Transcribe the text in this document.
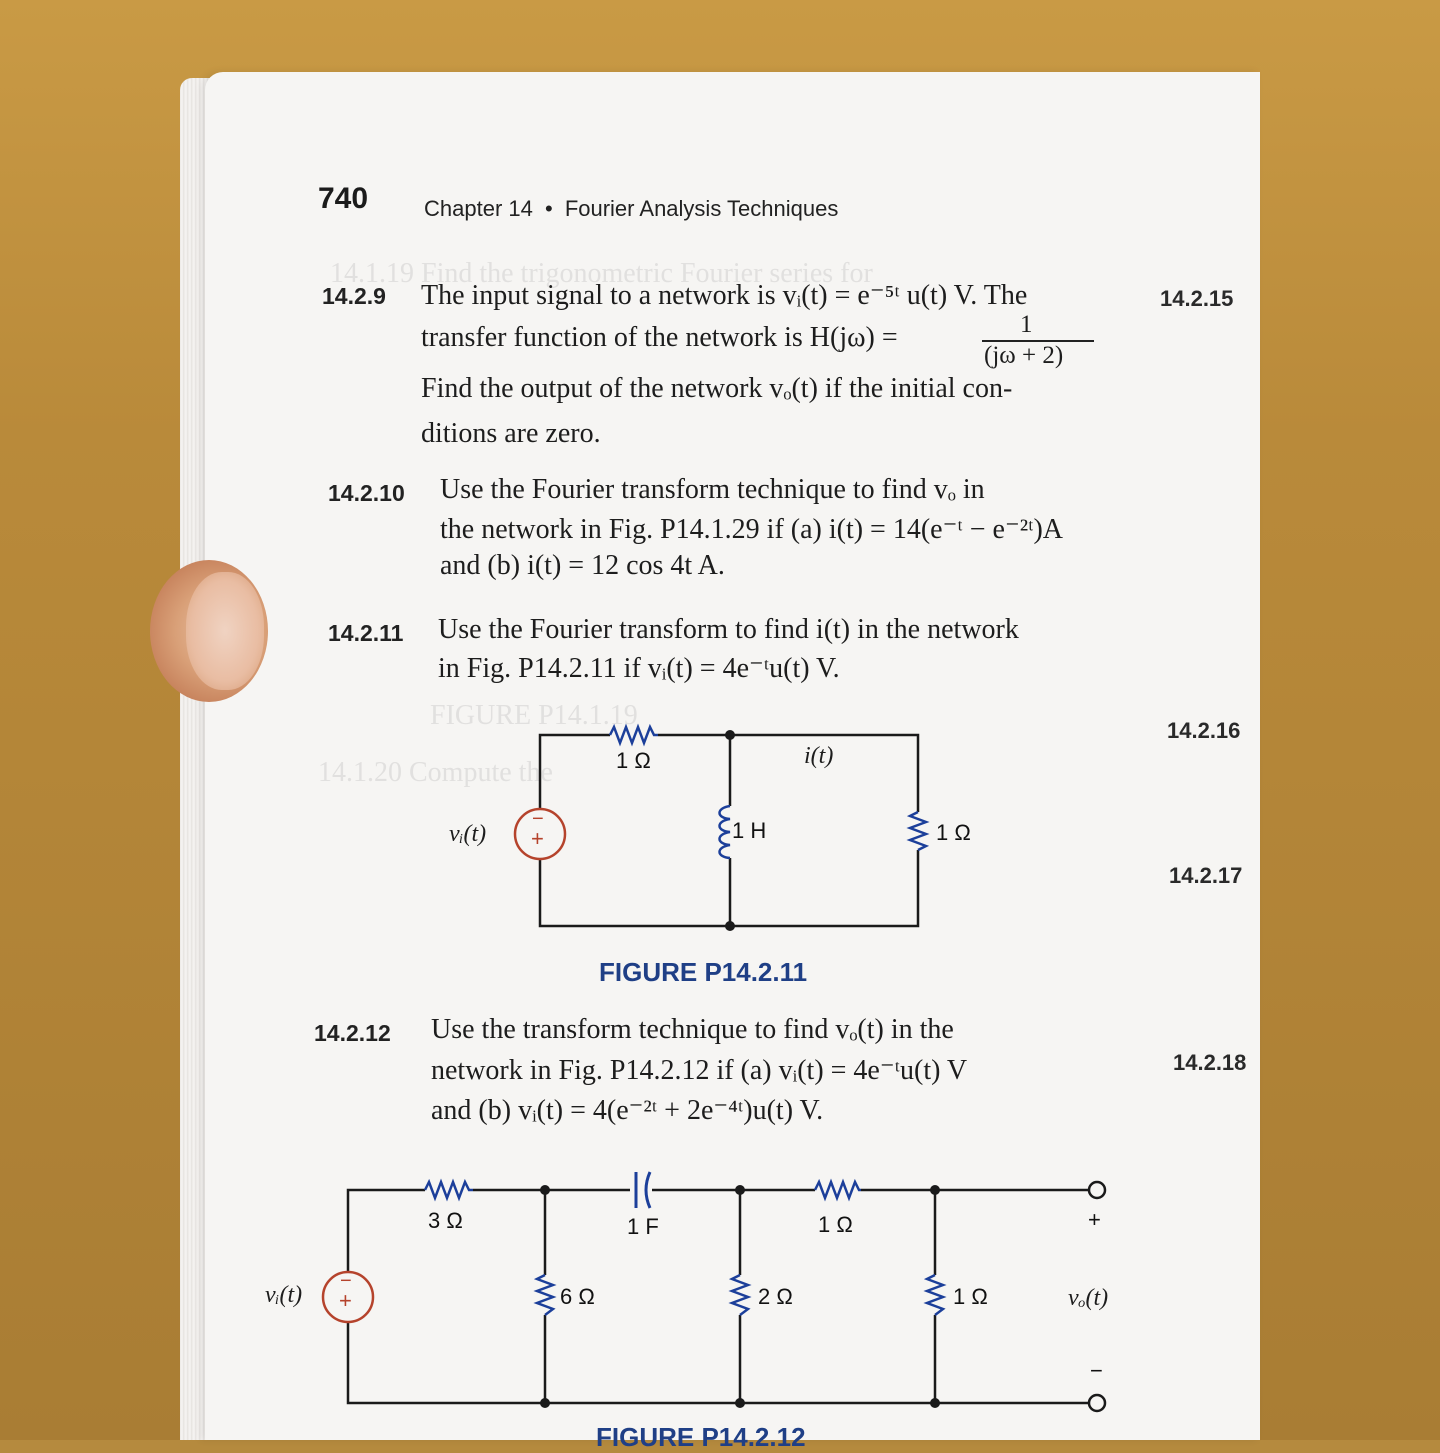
14.1.19 Find the trigonometric Fourier series for
FIGURE P14.1.19
14.1.20 Compute the
740	Chapter 14 • Fourier Analysis Techniques
14.2.9 The input signal to a network is vᵢ(t) = e⁻⁵ᵗ u(t) V. The
transfer function of the network is H(jω) =	1
(jω + 2)
Find the output of the network vₒ(t) if the initial con-
ditions are zero.
14.2.10 Use the Fourier transform technique to find vₒ in
the network in Fig. P14.1.29 if (a) i(t) = 14(e⁻ᵗ − e⁻²ᵗ)A
and (b) i(t) = 12 cos 4t A.
14.2.11 Use the Fourier transform to find i(t) in the network
in Fig. P14.2.11 if vᵢ(t) = 4e⁻ᵗu(t) V.
14.2.12 Use the transform technique to find vₒ(t) in the
network in Fig. P14.2.12 if (a) vᵢ(t) = 4e⁻ᵗu(t) V
and (b) vᵢ(t) = 4(e⁻²ᵗ + 2e⁻⁴ᵗ)u(t) V.
14.2.15
14.2.16
14.2.17
14.2.18
1 Ω	i(t)
vᵢ(t)
−
+	1 H	1 Ω
FIGURE P14.2.11
3 Ω	1 F	1 Ω	+
vᵢ(t)
−
+	6 Ω	2 Ω	1 Ω	vₒ(t)
−
FIGURE P14.2.12
